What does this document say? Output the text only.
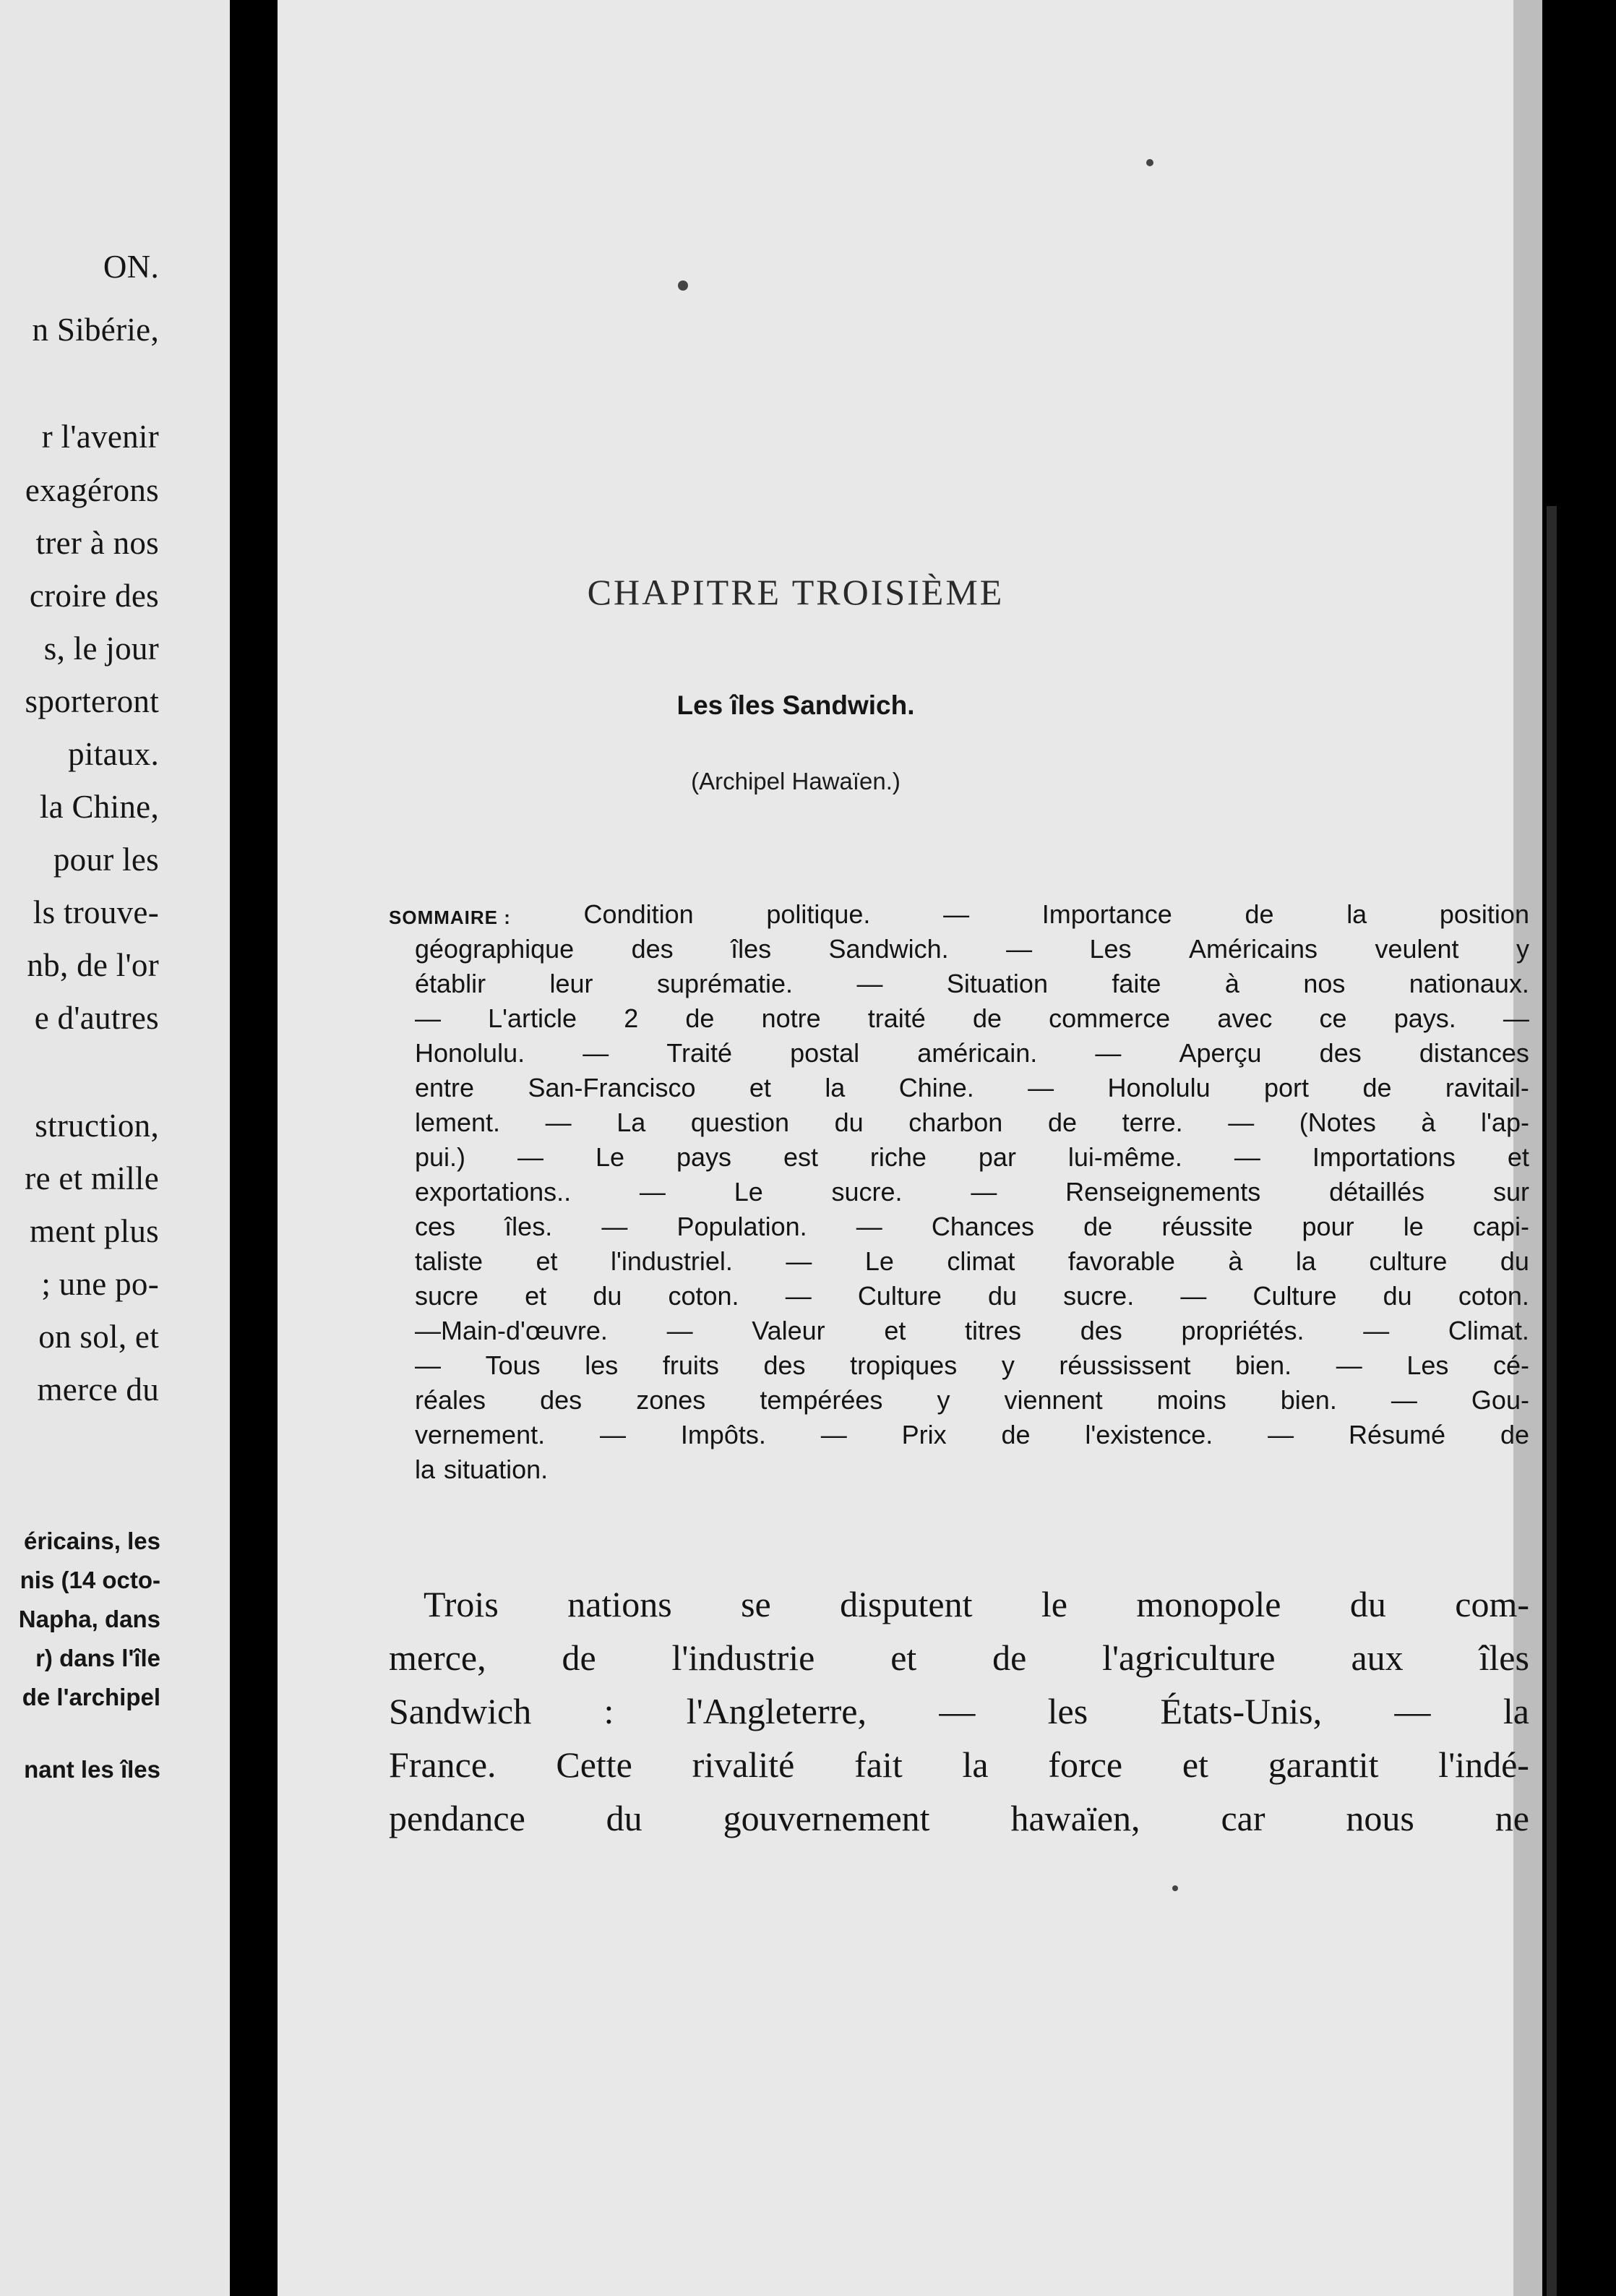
ON.
n Sibérie,
r l'avenir
exagérons
trer à nos
croire des
s, le jour
sporteront
pitaux.
la Chine,
pour les
ls trouve-
nb, de l'or
e d'autres
struction,
re et mille
ment plus
; une po-
on sol, et
merce du
éricains, les
nis (14 octo-
Napha, dans
r) dans l'île
de l'archipel
nant les îles
CHAPITRE TROISIÈME
Les îles Sandwich.
(Archipel Hawaïen.)
SOMMAIRE :	Condition	politique.	—	Importance	de	la	position
géographique des îles Sandwich. — Les Américains veulent y
établir leur suprématie. — Situation faite à nos nationaux.
— L'article 2 de notre traité de commerce avec ce pays. —
Honolulu. — Traité postal américain. — Aperçu des distances
entre San-Francisco et la Chine. — Honolulu port de ravitail-
lement. — La question du charbon de terre. — (Notes à l'ap-
pui.) — Le pays est riche par lui-même. — Importations et
exportations..	—	Le	sucre.	—	Renseignements	détaillés	sur
ces îles. — Population. — Chances de réussite pour le capi-
taliste et l'industriel. — Le climat favorable à la culture du
sucre et du coton. — Culture du sucre. — Culture du coton.
—Main-d'œuvre. — Valeur et titres des propriétés. — Climat.
— Tous les fruits des tropiques y réussissent bien. — Les cé-
réales des zones tempérées y viennent moins bien. — Gou-
vernement. — Impôts. — Prix de l'existence. — Résumé de
la situation.
Trois nations se disputent le monopole du com-
merce, de l'industrie et de l'agriculture aux îles
Sandwich : l'Angleterre, — les États-Unis, — la
France. Cette rivalité fait la force et garantit l'indé-
pendance du gouvernement hawaïen, car nous ne
